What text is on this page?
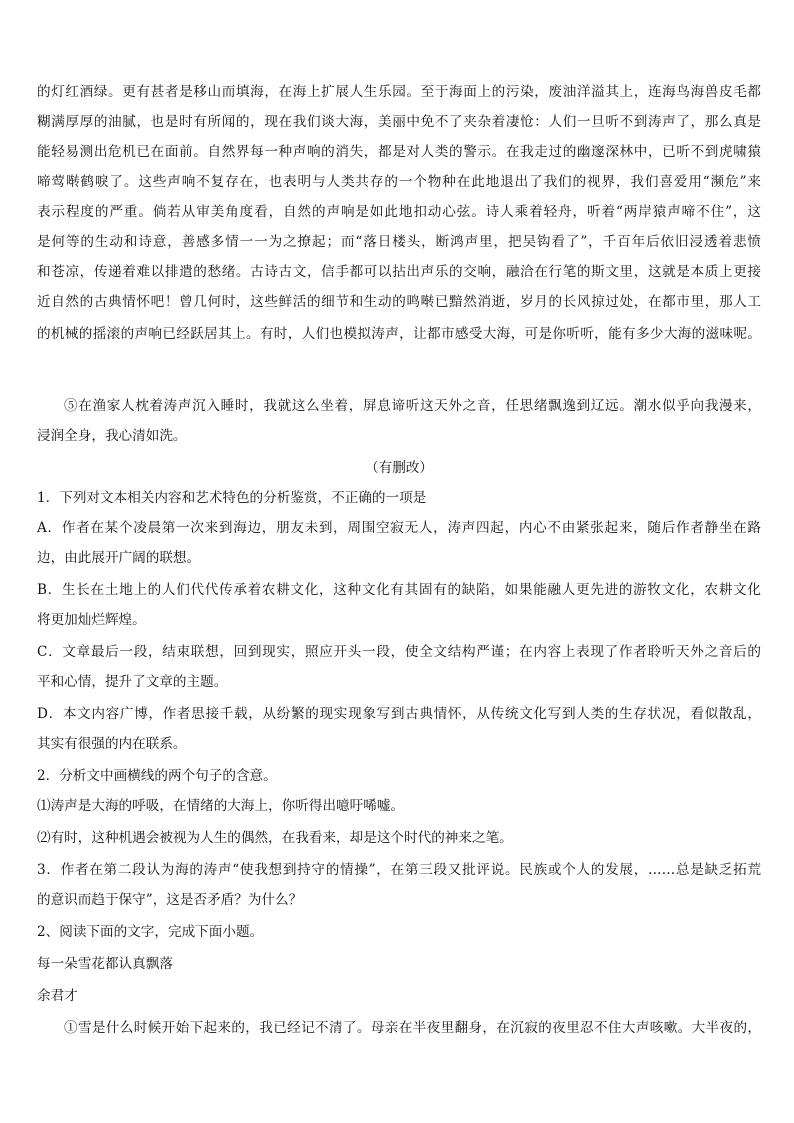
的灯红酒绿。更有甚者是移山而填海，在海上扩展人生乐园。至于海面上的污染，废油洋溢其上，连海鸟海兽皮毛都
糊满厚厚的油腻，也是时有所闻的，现在我们谈大海，美丽中免不了夹杂着凄怆：人们一旦听不到涛声了，那么真是
能轻易测出危机已在面前。自然界每一种声响的消失，都是对人类的警示。在我走过的幽邃深林中，已听不到虎啸猿
啼莺啭鹤唳了。这些声响不复存在，也表明与人类共存的一个物种在此地退出了我们的视界，我们喜爱用“濒危”来
表示程度的严重。倘若从审美角度看，自然的声响是如此地扣动心弦。诗人乘着轻舟，听着“两岸猿声啼不住”，这
是何等的生动和诗意，善感多情一一为之撩起；而“落日楼头，断鸿声里，把吴钩看了”，千百年后依旧浸透着悲愤
和苍凉，传递着难以排遣的愁绪。古诗古文，信手都可以拈出声乐的交响，融洽在行笔的斯文里，这就是本质上更接
近自然的古典情怀吧！曾几何时，这些鲜活的细节和生动的鸣啭已黯然消逝，岁月的长风掠过处，在都市里，那人工
的机械的摇滚的声响已经跃居其上。有时，人们也模拟涛声，让都市感受大海，可是你听听，能有多少大海的滋味呢。
⑤在渔家人枕着涛声沉入睡时，我就这么坐着，屏息谛听这天外之音，任思绪飘逸到辽远。潮水似乎向我漫来，
浸润全身，我心清如洗。
（有删改）
1．下列对文本相关内容和艺术特色的分析鉴赏，不正确的一项是
A．作者在某个凌晨第一次来到海边，朋友未到，周围空寂无人，涛声四起，内心不由紧张起来，随后作者静坐在路
边，由此展开广阔的联想。
B．生长在土地上的人们代代传承着农耕文化，这种文化有其固有的缺陷，如果能融人更先进的游牧文化，农耕文化
将更加灿烂辉煌。
C．文章最后一段，结束联想，回到现实，照应开头一段，使全文结构严谨；在内容上表现了作者聆听天外之音后的
平和心情，提升了文章的主题。
D．本文内容广博，作者思接千载，从纷繁的现实现象写到古典情怀，从传统文化写到人类的生存状况，看似散乱，
其实有很强的内在联系。
2．分析文中画横线的两个句子的含意。
⑴涛声是大海的呼吸，在情绪的大海上，你听得出噫吁唏嘘。
⑵有时，这种机遇会被视为人生的偶然，在我看来，却是这个时代的神来之笔。
3．作者在第二段认为海的涛声“使我想到持守的情操”，在第三段又批评说。民族或个人的发展，……总是缺乏拓荒
的意识而趋于保守”，这是否矛盾？为什么？
2、阅读下面的文字，完成下面小题。
每一朵雪花都认真飘落
余君才
①雪是什么时候开始下起来的，我已经记不清了。母亲在半夜里翻身，在沉寂的夜里忍不住大声咳嗽。大半夜的，
